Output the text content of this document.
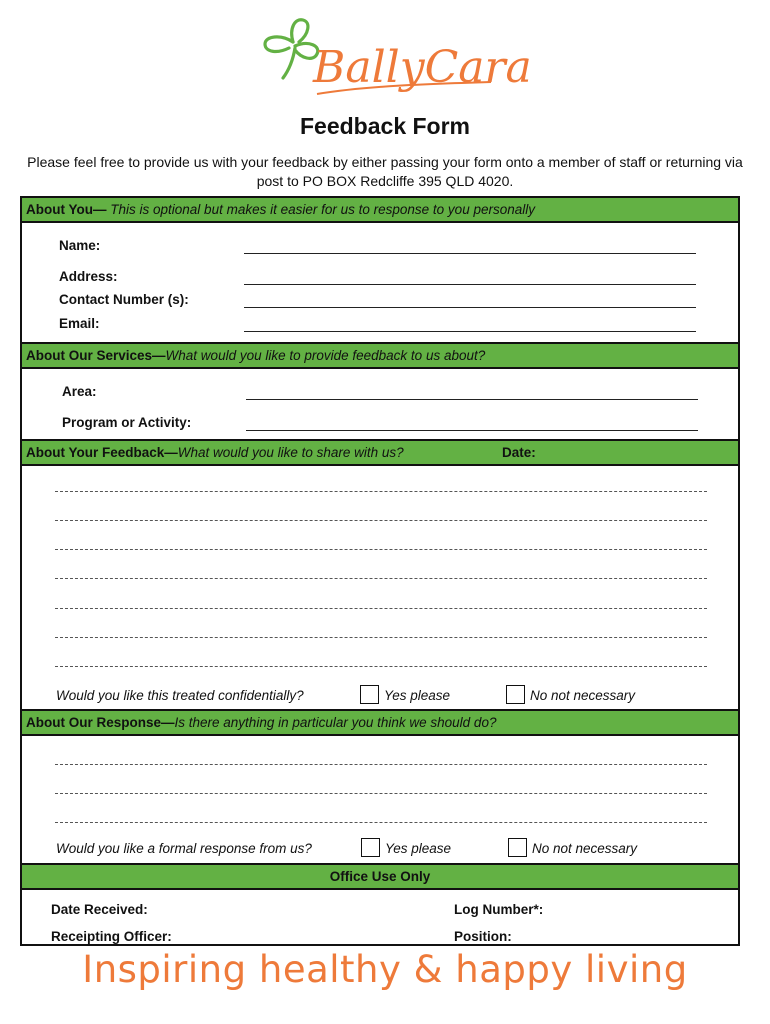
BallyCara
Feedback Form
Please feel free to provide us with your feedback by either passing your form onto a member of staff or returning via post to PO BOX Redcliffe 395 QLD 4020.
About You— This is optional but makes it easier for us to response to you personally
Name:
Address:
Contact Number (s):
Email:
About Our Services—What would you like to provide feedback to us about?
Area:
Program or Activity:
About Your Feedback—What would you like to share with us?	Date:
Would you like this treated confidentially?	Yes please	No not necessary
About Our Response—Is there anything in particular you think we should do?
Would you like a formal response from us?	Yes please	No not necessary
Office Use Only
Date Received:	Log Number*:
Receipting Officer:	Position:
Inspiring healthy & happy living
